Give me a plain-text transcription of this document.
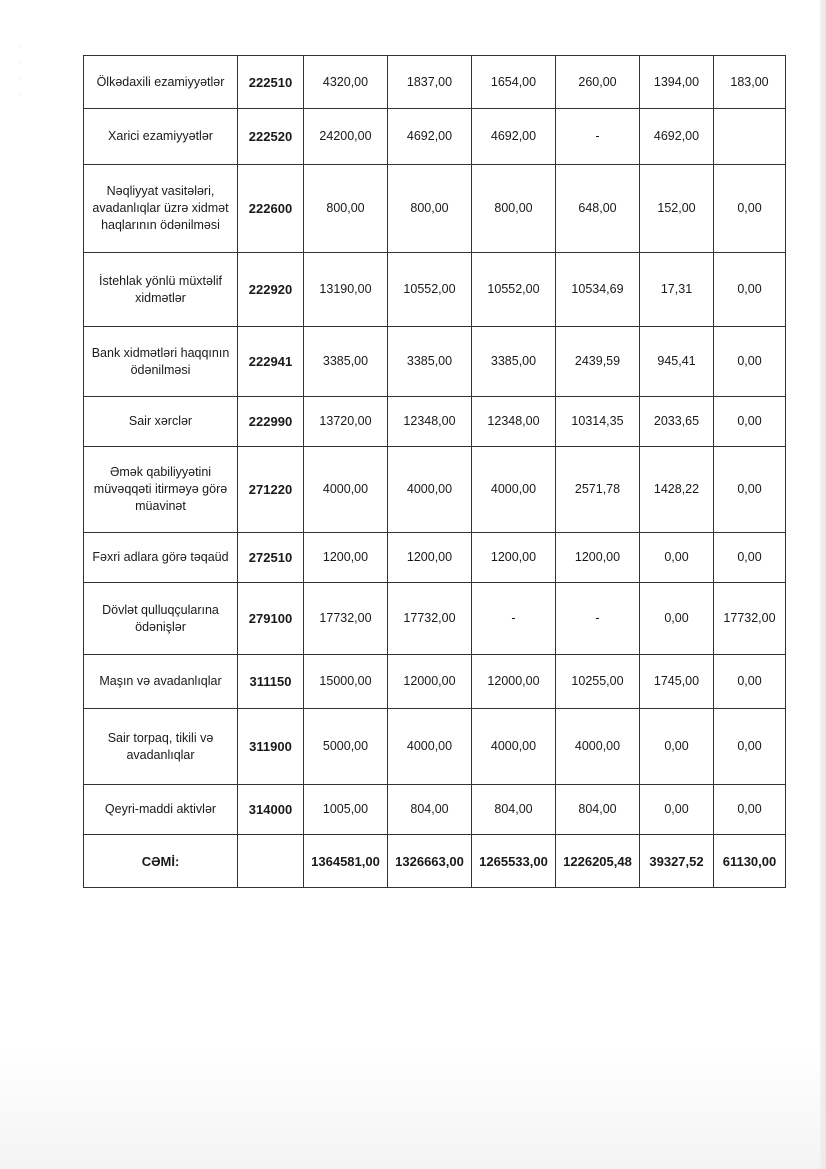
·
·
·
·
Ölkədaxili ezamiyyətlər	222510	4320,00	1837,00	1654,00	260,00	1394,00	183,00
Xarici ezamiyyətlər	222520	24200,00	4692,00	4692,00	-	4692,00	
Nəqliyyat vasitələri, avadanlıqlar üzrə xidmət haqlarının ödənilməsi	222600	800,00	800,00	800,00	648,00	152,00	0,00
İstehlak yönlü müxtəlif xidmətlər	222920	13190,00	10552,00	10552,00	10534,69	17,31	0,00
Bank xidmətləri haqqının ödənilməsi	222941	3385,00	3385,00	3385,00	2439,59	945,41	0,00
Sair xərclər	222990	13720,00	12348,00	12348,00	10314,35	2033,65	0,00
Əmək qabiliyyətini müvəqqəti itirməyə görə müavinət	271220	4000,00	4000,00	4000,00	2571,78	1428,22	0,00
Fəxri adlara görə təqaüd	272510	1200,00	1200,00	1200,00	1200,00	0,00	0,00
Dövlət qulluqçularına ödənişlər	279100	17732,00	17732,00	-	-	0,00	17732,00
Maşın və avadanlıqlar	311150	15000,00	12000,00	12000,00	10255,00	1745,00	0,00
Sair torpaq, tikili və avadanlıqlar	311900	5000,00	4000,00	4000,00	4000,00	0,00	0,00
Qeyri-maddi aktivlər	314000	1005,00	804,00	804,00	804,00	0,00	0,00
CƏMİ:		1364581,00	1326663,00	1265533,00	1226205,48	39327,52	61130,00
